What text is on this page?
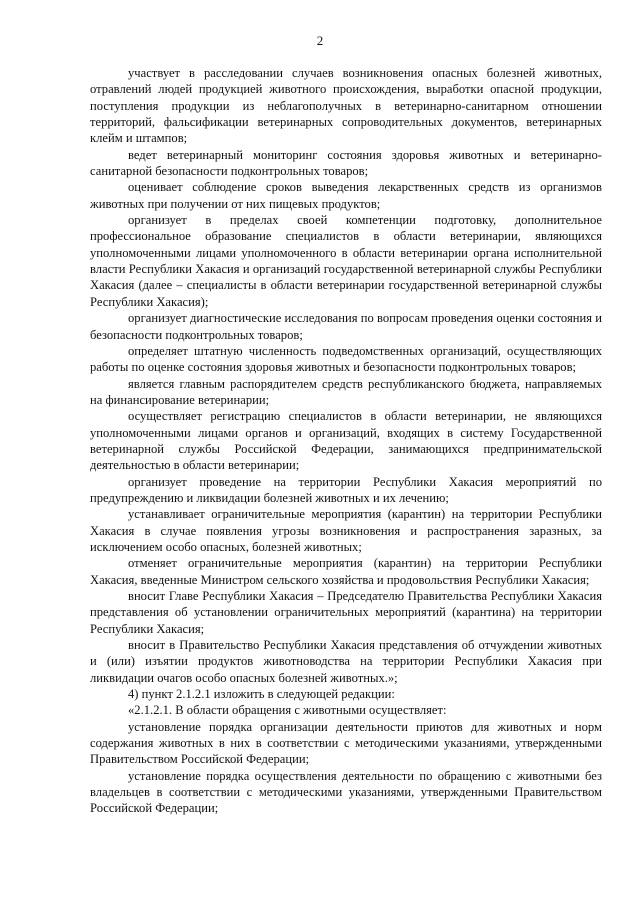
2

участвует в расследовании случаев возникновения опасных болезней животных, отравлений людей продукцией животного происхождения, выработки опасной продукции, поступления продукции из неблагополучных в ветеринарно-санитарном отношении территорий, фальсификации ветеринарных сопроводительных документов, ветеринарных клейм и штампов;

ведет ветеринарный мониторинг состояния здоровья животных и ветеринарно-санитарной безопасности подконтрольных товаров;

оценивает соблюдение сроков выведения лекарственных средств из организмов животных при получении от них пищевых продуктов;

организует в пределах своей компетенции подготовку, дополнительное профессиональное образование специалистов в области ветеринарии, являющихся уполномоченными лицами уполномоченного в области ветеринарии органа исполнительной власти Республики Хакасия и организаций государственной ветеринарной службы Республики Хакасия (далее – специалисты в области ветеринарии государственной ветеринарной службы Республики Хакасия);

организует диагностические исследования по вопросам проведения оценки состояния и безопасности подконтрольных товаров;

определяет штатную численность подведомственных организаций, осуществляющих работы по оценке состояния здоровья животных и безопасности подконтрольных товаров;

является главным распорядителем средств республиканского бюджета, направляемых на финансирование ветеринарии;

осуществляет регистрацию специалистов в области ветеринарии, не являющихся уполномоченными лицами органов и организаций, входящих в систему Государственной ветеринарной службы Российской Федерации, занимающихся предпринимательской деятельностью в области ветеринарии;

организует проведение на территории Республики Хакасия мероприятий по предупреждению и ликвидации болезней животных и их лечению;

устанавливает ограничительные мероприятия (карантин) на территории Республики Хакасия в случае появления угрозы возникновения и распространения заразных, за исключением особо опасных, болезней животных;

отменяет ограничительные мероприятия (карантин) на территории Республики Хакасия, введенные Министром сельского хозяйства и продовольствия Республики Хакасия;

вносит Главе Республики Хакасия – Председателю Правительства Республики Хакасия представления об установлении ограничительных мероприятий (карантина) на территории Республики Хакасия;

вносит в Правительство Республики Хакасия представления об отчуждении животных и (или) изъятии продуктов животноводства на территории Республики Хакасия при ликвидации очагов особо опасных болезней животных.»;

4) пункт 2.1.2.1 изложить в следующей редакции:

«2.1.2.1. В области обращения с животными осуществляет:

установление порядка организации деятельности приютов для животных и норм содержания животных в них в соответствии с методическими указаниями, утвержденными Правительством Российской Федерации;

установление порядка осуществления деятельности по обращению с животными без владельцев в соответствии с методическими указаниями, утвержденными Правительством Российской Федерации;
